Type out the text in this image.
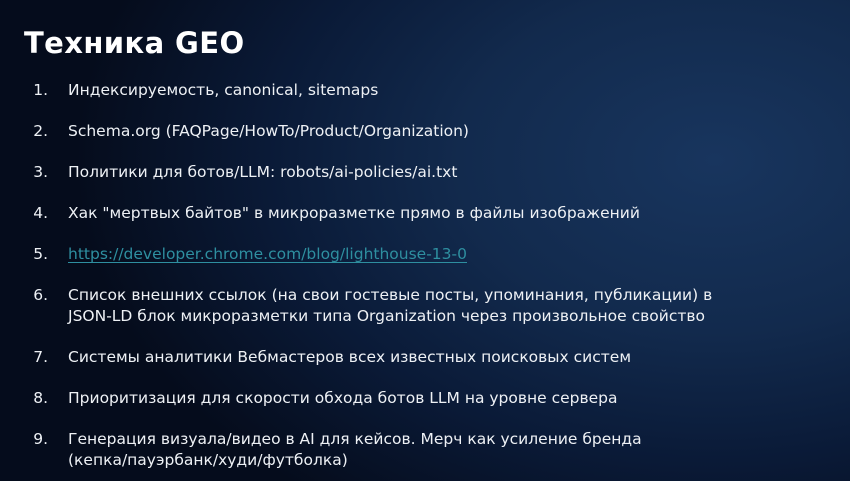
Техника GEO
1. Индексируемость, canonical, sitemaps
2. Schema.org (FAQPage/HowTo/Product/Organization)
3. Политики для ботов/LLM: robots/ai-policies/ai.txt
4. Хак "мертвых байтов" в микроразметке прямо в файлы изображений
5. https://developer.chrome.com/blog/lighthouse-13-0
6. Список внешних ссылок (на свои гостевые посты, упоминания, публикации) в
JSON-LD блок микроразметки типа Organization через произвольное свойство
7. Системы аналитики Вебмастеров всех известных поисковых систем
8. Приоритизация для скорости обхода ботов LLM на уровне сервера
9. Генерация визуала/видео в AI для кейсов. Мерч как усиление бренда
(кепка/пауэрбанк/худи/футболка)
